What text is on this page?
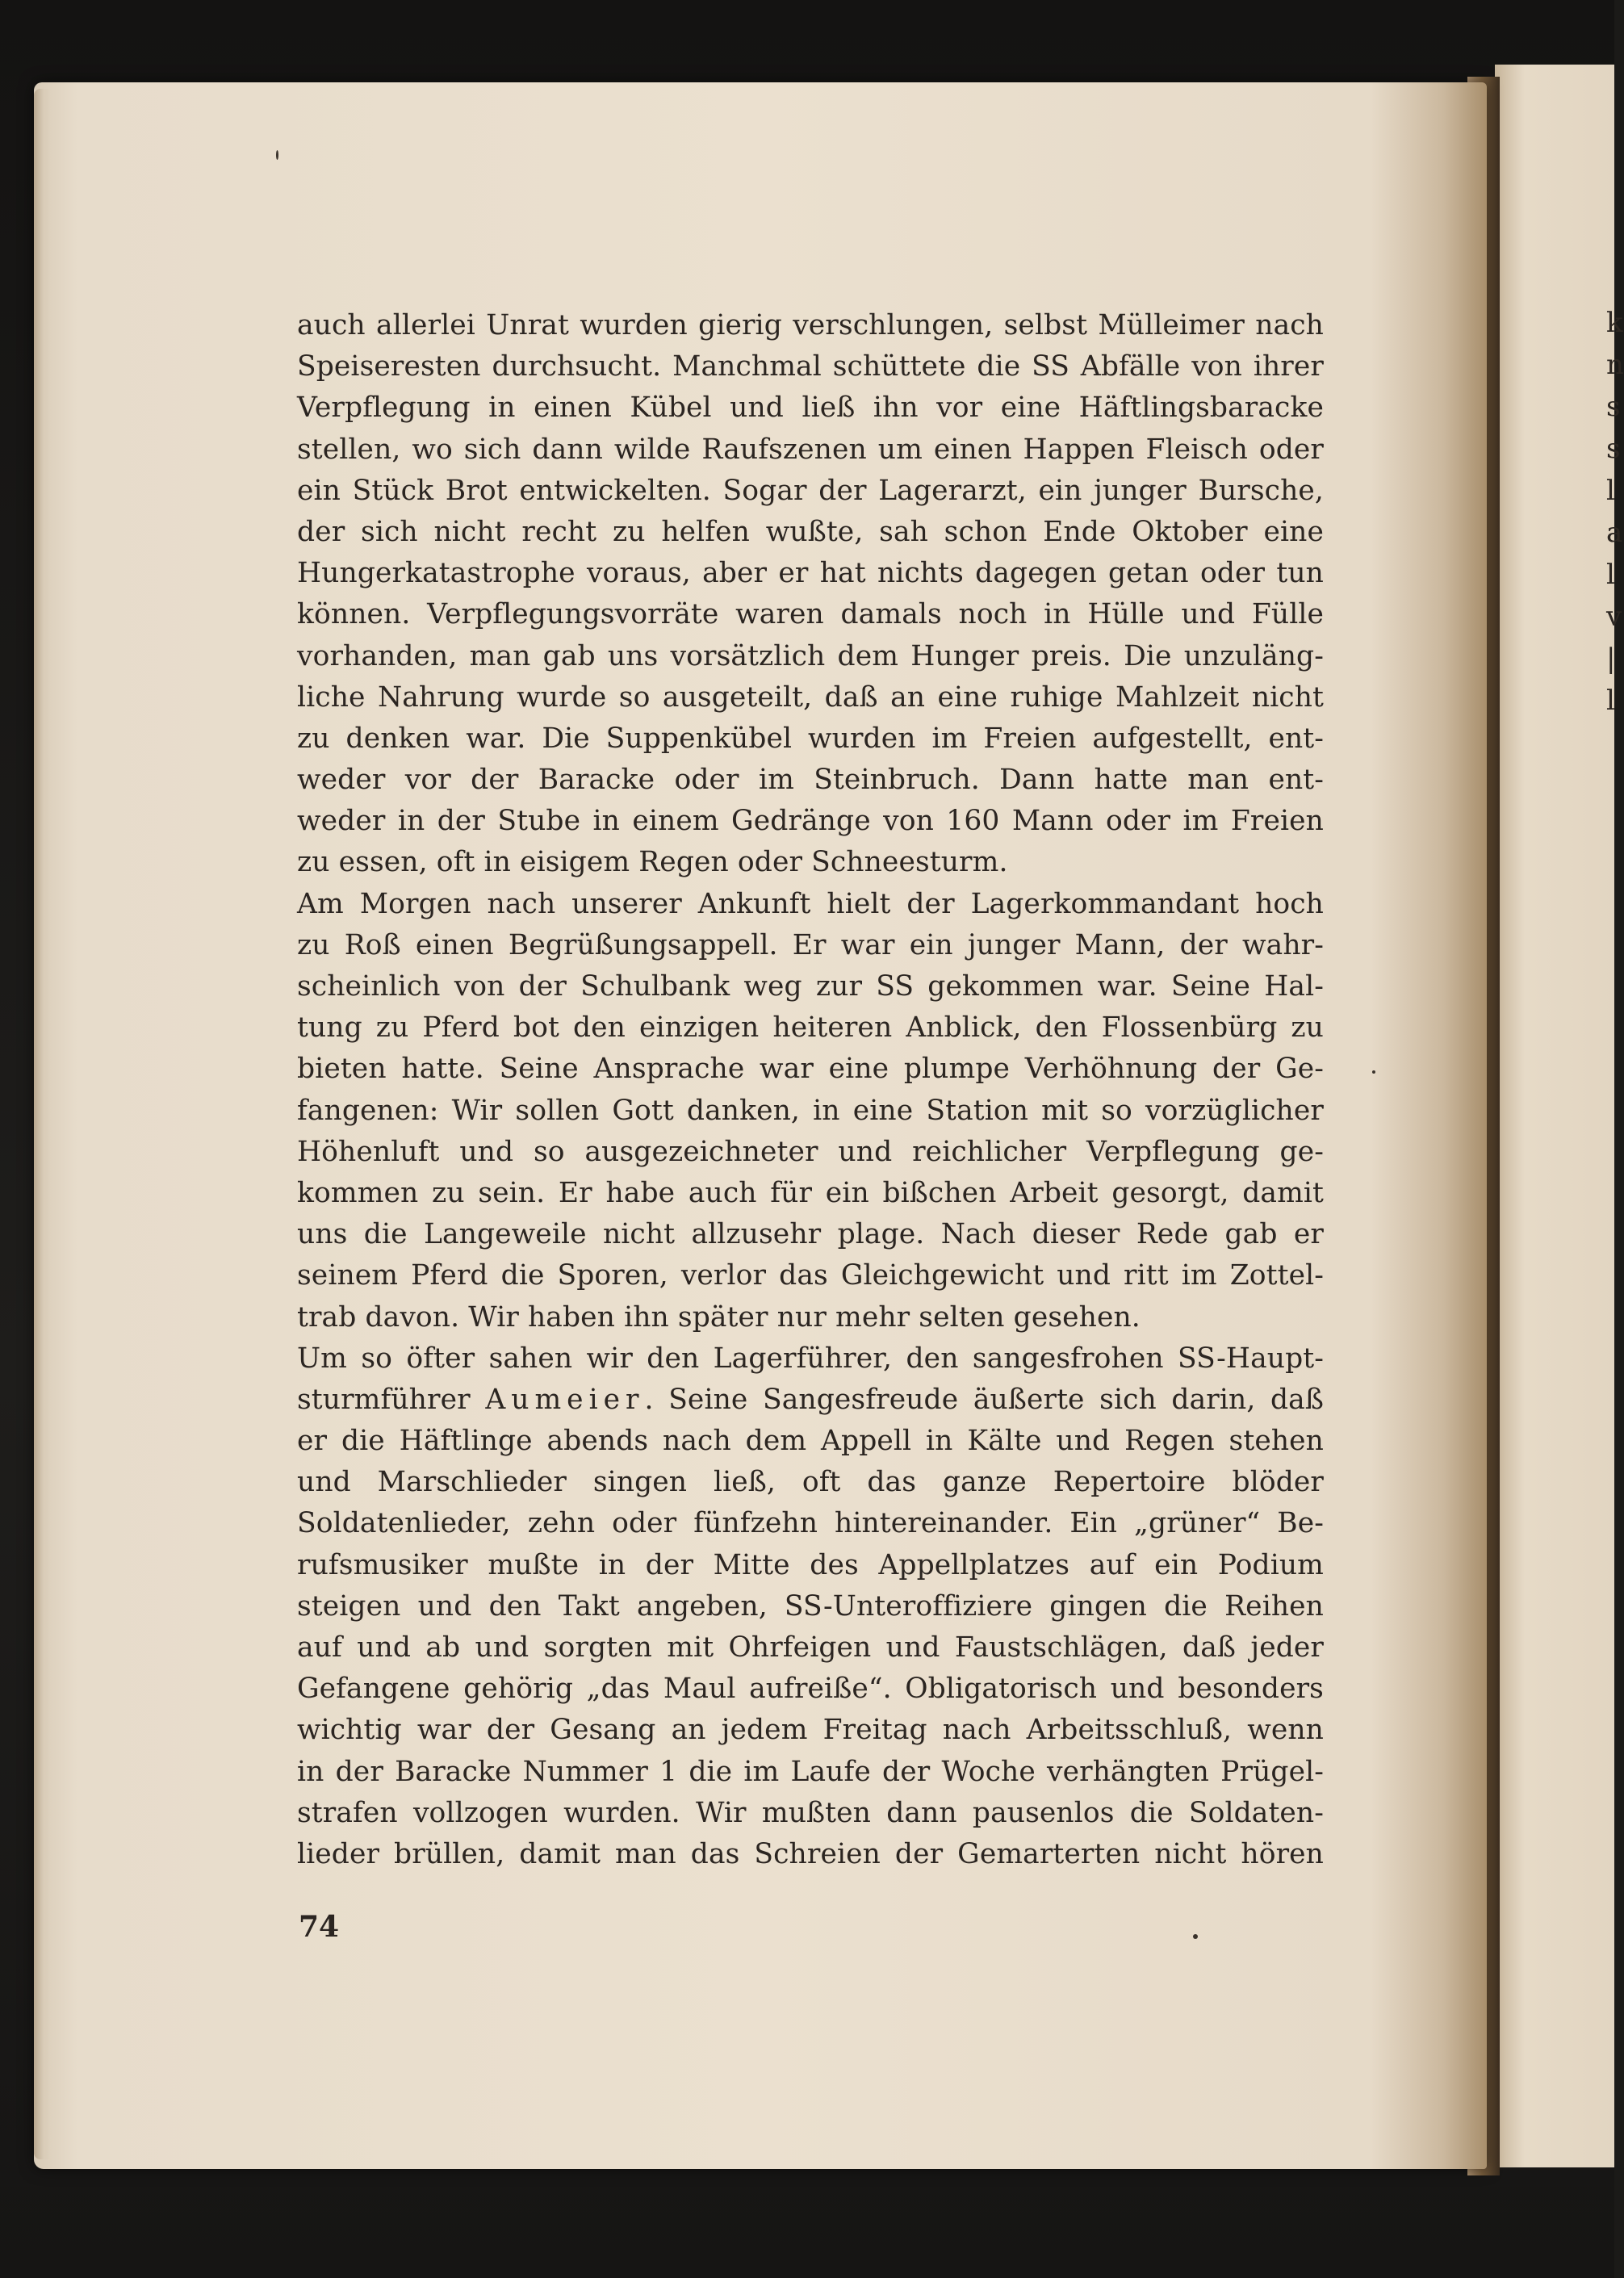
k
n
s
s
l
a
l
v
|
l
auch allerlei Unrat wurden gierig verschlungen, selbst Mülleimer nach
Speiseresten durchsucht. Manchmal schüttete die SS Abfälle von ihrer
Verpflegung in einen Kübel und ließ ihn vor eine Häftlingsbaracke
stellen, wo sich dann wilde Raufszenen um einen Happen Fleisch oder
ein Stück Brot entwickelten. Sogar der Lagerarzt, ein junger Bursche,
der sich nicht recht zu helfen wußte, sah schon Ende Oktober eine
Hungerkatastrophe voraus, aber er hat nichts dagegen getan oder tun
können. Verpflegungsvorräte waren damals noch in Hülle und Fülle
vorhanden, man gab uns vorsätzlich dem Hunger preis. Die unzuläng-
liche Nahrung wurde so ausgeteilt, daß an eine ruhige Mahlzeit nicht
zu denken war. Die Suppenkübel wurden im Freien aufgestellt, ent-
weder vor der Baracke oder im Steinbruch. Dann hatte man ent-
weder in der Stube in einem Gedränge von 160 Mann oder im Freien
zu essen, oft in eisigem Regen oder Schneesturm.
Am Morgen nach unserer Ankunft hielt der Lagerkommandant hoch
zu Roß einen Begrüßungsappell. Er war ein junger Mann, der wahr-
scheinlich von der Schulbank weg zur SS gekommen war. Seine Hal-
tung zu Pferd bot den einzigen heiteren Anblick, den Flossenbürg zu
bieten hatte. Seine Ansprache war eine plumpe Verhöhnung der Ge-
fangenen: Wir sollen Gott danken, in eine Station mit so vorzüglicher
Höhenluft und so ausgezeichneter und reichlicher Verpflegung ge-
kommen zu sein. Er habe auch für ein bißchen Arbeit gesorgt, damit
uns die Langeweile nicht allzusehr plage. Nach dieser Rede gab er
seinem Pferd die Sporen, verlor das Gleichgewicht und ritt im Zottel-
trab davon. Wir haben ihn später nur mehr selten gesehen.
Um so öfter sahen wir den Lagerführer, den sangesfrohen SS-Haupt-
sturmführer Aumeier. Seine Sangesfreude äußerte sich darin, daß
er die Häftlinge abends nach dem Appell in Kälte und Regen stehen
und Marschlieder singen ließ, oft das ganze Repertoire blöder
Soldatenlieder, zehn oder fünfzehn hintereinander. Ein „grüner“ Be-
rufsmusiker mußte in der Mitte des Appellplatzes auf ein Podium
steigen und den Takt angeben, SS-Unteroffiziere gingen die Reihen
auf und ab und sorgten mit Ohrfeigen und Faustschlägen, daß jeder
Gefangene gehörig „das Maul aufreiße“. Obligatorisch und besonders
wichtig war der Gesang an jedem Freitag nach Arbeitsschluß, wenn
in der Baracke Nummer 1 die im Laufe der Woche verhängten Prügel-
strafen vollzogen wurden. Wir mußten dann pausenlos die Soldaten-
lieder brüllen, damit man das Schreien der Gemarterten nicht hören
74
